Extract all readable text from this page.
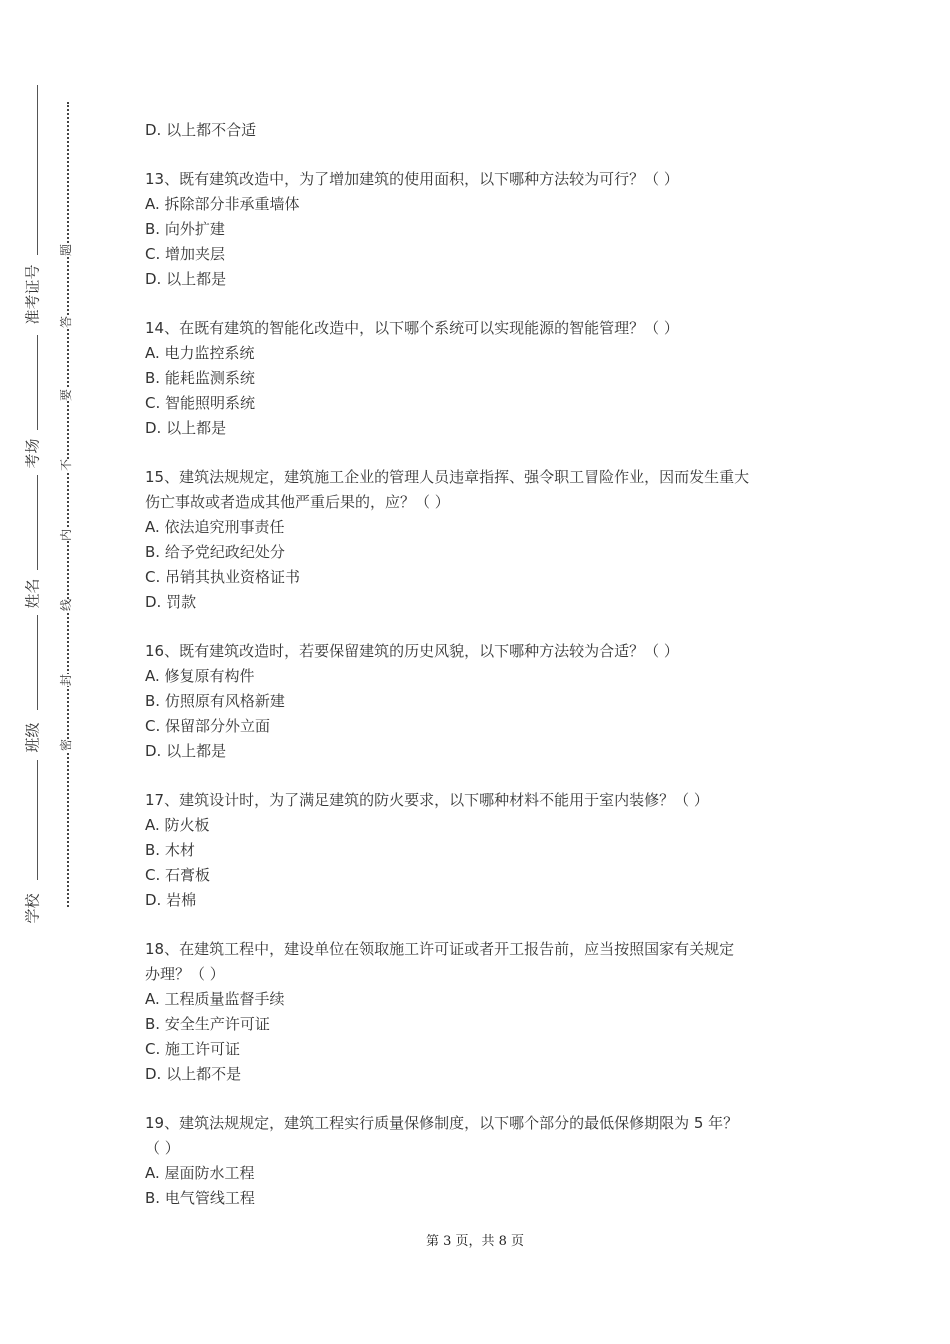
准考证号
考场
姓名
班级
学校
题
答
要
不
内
线
封
密
D. 以上都不合适
13、既有建筑改造中，为了增加建筑的使用面积，以下哪种方法较为可行？（ ）
A. 拆除部分非承重墙体
B. 向外扩建
C. 增加夹层
D. 以上都是
14、在既有建筑的智能化改造中，以下哪个系统可以实现能源的智能管理？（ ）
A. 电力监控系统
B. 能耗监测系统
C. 智能照明系统
D. 以上都是
15、建筑法规规定，建筑施工企业的管理人员违章指挥、强令职工冒险作业，因而发生重大
伤亡事故或者造成其他严重后果的，应？（ ）
A. 依法追究刑事责任
B. 给予党纪政纪处分
C. 吊销其执业资格证书
D. 罚款
16、既有建筑改造时，若要保留建筑的历史风貌，以下哪种方法较为合适？（ ）
A. 修复原有构件
B. 仿照原有风格新建
C. 保留部分外立面
D. 以上都是
17、建筑设计时，为了满足建筑的防火要求，以下哪种材料不能用于室内装修？（ ）
A. 防火板
B. 木材
C. 石膏板
D. 岩棉
18、在建筑工程中，建设单位在领取施工许可证或者开工报告前，应当按照国家有关规定
办理？（ ）
A. 工程质量监督手续
B. 安全生产许可证
C. 施工许可证
D. 以上都不是
19、建筑法规规定，建筑工程实行质量保修制度，以下哪个部分的最低保修期限为 5 年？
（ ）
A. 屋面防水工程
B. 电气管线工程
第 3 页，共 8 页
